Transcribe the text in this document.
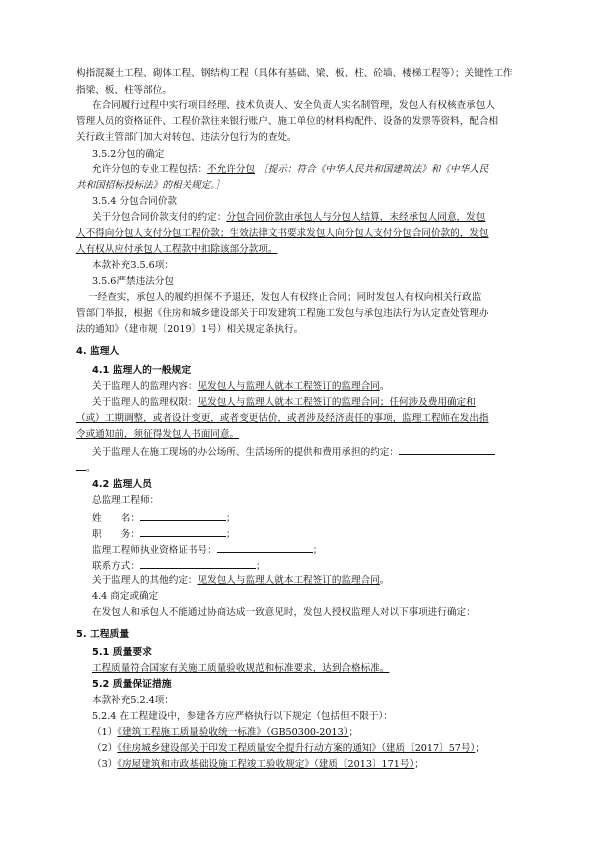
构指混凝土工程、砌体工程、钢结构工程（具体有基础、梁、板、柱、砼墙、楼梯工程等）；关键性工作
指梁、板、柱等部位。
在合同履行过程中实行项目经理、技术负责人、安全负责人实名制管理，发包人有权核查承包人
管理人员的资格证件、工程价款往来银行账户、施工单位的材料构配件、设备的发票等资料，配合相
关行政主管部门加大对转包、违法分包行为的查处。
3.5.2分包的确定
允许分包的专业工程包括：不允许分包 ［提示：符合《中华人民共和国建筑法》和《中华人民
共和国招标投标法》的相关规定。］
3.5.4 分包合同价款
关于分包合同价款支付的约定：分包合同价款由承包人与分包人结算，未经承包人同意，发包
人不得向分包人支付分包工程价款；生效法律文书要求发包人向分包人支付分包合同价款的，发包
人有权从应付承包人工程款中扣除该部分款项。
本款补充3.5.6项：
3.5.6严禁违法分包
一经查实，承包人的履约担保不予退还，发包人有权终止合同；同时发包人有权向相关行政监
管部门举报，根据《住房和城乡建设部关于印发建筑工程施工发包与承包违法行为认定查处管理办
法的通知》（建市规〔2019〕1号）相关规定条执行。
4. 监理人
4.1 监理人的一般规定
关于监理人的监理内容：见发包人与监理人就本工程签订的监理合同。
关于监理人的监理权限：见发包人与监理人就本工程签订的监理合同；任何涉及费用确定和
（或）工期调整，或者设计变更，或者变更估价，或者涉及经济责任的事项，监理工程师在发出指
令或通知前，须征得发包人书面同意。
关于监理人在施工现场的办公场所、生活场所的提供和费用承担的约定：
。
4.2 监理人员
总监理工程师：
姓　　名：	；
职　　务：	；
监理工程师执业资格证书号：	；
联系方式：	；
关于监理人的其他约定：见发包人与监理人就本工程签订的监理合同。
4.4 商定或确定
在发包人和承包人不能通过协商达成一致意见时，发包人授权监理人对以下事项进行确定：
5. 工程质量
5.1 质量要求
工程质量符合国家有关施工质量验收规范和标准要求，达到合格标准。
5.2 质量保证措施
本款补充5.2.4项：
5.2.4 在工程建设中，参建各方应严格执行以下规定（包括但不限于）：
（1）《建筑工程施工质量验收统一标准》（GB50300-2013）；
（2）《住房城乡建设部关于印发工程质量安全提升行动方案的通知》（建质〔2017〕57号）；
（3）《房屋建筑和市政基础设施工程竣工验收规定》（建质〔2013〕171号）；
